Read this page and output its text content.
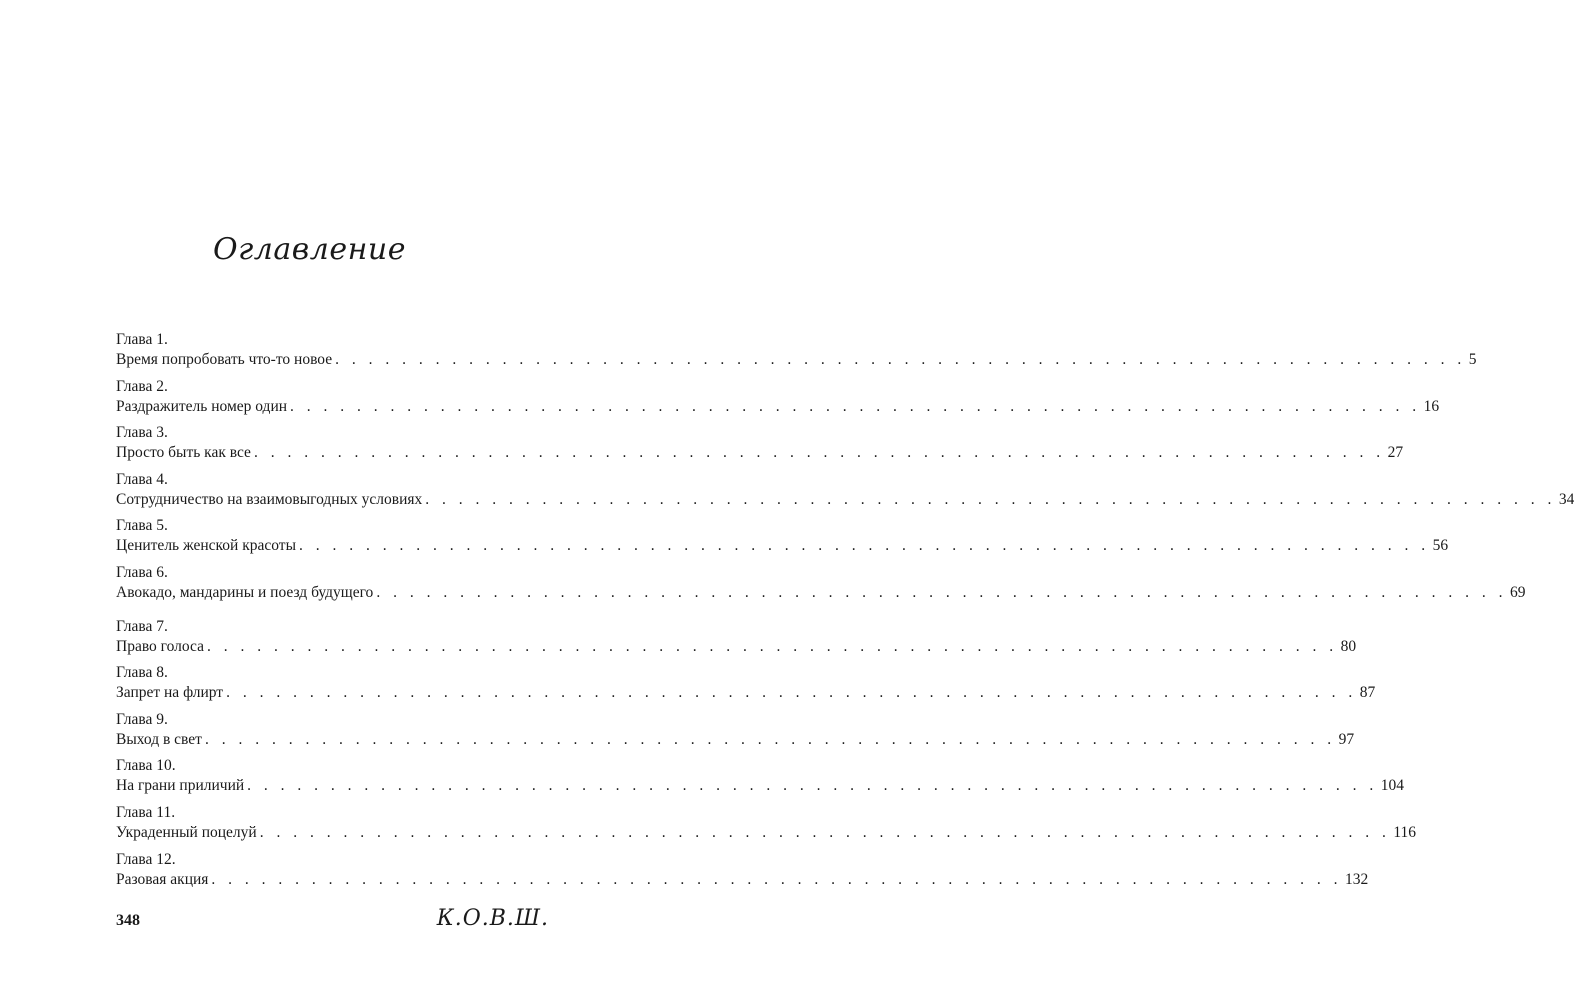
Оглавление
Глава 1.
Время попробовать что-то новое . . . . . . . . . . . . . . . . . . . . . . . . . . . . . . . . . . . . . . . . . . . . . . . . . . . . . . . . . . . . . . . . . . . . 5
Глава 2.
Раздражитель номер один . . . . . . . . . . . . . . . . . . . . . . . . . . . . . . . . . . . . . . . . . . . . . . . . . . . . . . . . . . . . . . . . . . . . 16
Глава 3.
Просто быть как все . . . . . . . . . . . . . . . . . . . . . . . . . . . . . . . . . . . . . . . . . . . . . . . . . . . . . . . . . . . . . . . . . . . . 27
Глава 4.
Сотрудничество на взаимовыгодных условиях . . . . . . . . . . . . . . . . . . . . . . . . . . . . . . . . . . . . . . . . . . . . . . . . . . . . . . . . . . . . . . . . . . . . 34
Глава 5.
Ценитель женской красоты . . . . . . . . . . . . . . . . . . . . . . . . . . . . . . . . . . . . . . . . . . . . . . . . . . . . . . . . . . . . . . . . . . . . 56
Глава 6.
Авокадо, мандарины и поезд будущего . . . . . . . . . . . . . . . . . . . . . . . . . . . . . . . . . . . . . . . . . . . . . . . . . . . . . . . . . . . . . . . . . . . . 69
Глава 7.
Право голоса . . . . . . . . . . . . . . . . . . . . . . . . . . . . . . . . . . . . . . . . . . . . . . . . . . . . . . . . . . . . . . . . . . . . 80
Глава 8.
Запрет на флирт . . . . . . . . . . . . . . . . . . . . . . . . . . . . . . . . . . . . . . . . . . . . . . . . . . . . . . . . . . . . . . . . . . . . 87
Глава 9.
Выход в свет . . . . . . . . . . . . . . . . . . . . . . . . . . . . . . . . . . . . . . . . . . . . . . . . . . . . . . . . . . . . . . . . . . . . 97
Глава 10.
На грани приличий . . . . . . . . . . . . . . . . . . . . . . . . . . . . . . . . . . . . . . . . . . . . . . . . . . . . . . . . . . . . . . . . . . . . 104
Глава 11.
Украденный поцелуй . . . . . . . . . . . . . . . . . . . . . . . . . . . . . . . . . . . . . . . . . . . . . . . . . . . . . . . . . . . . . . . . . . . . 116
Глава 12.
Разовая акция . . . . . . . . . . . . . . . . . . . . . . . . . . . . . . . . . . . . . . . . . . . . . . . . . . . . . . . . . . . . . . . . . . . . 132
348	К.О.В.Ш.
